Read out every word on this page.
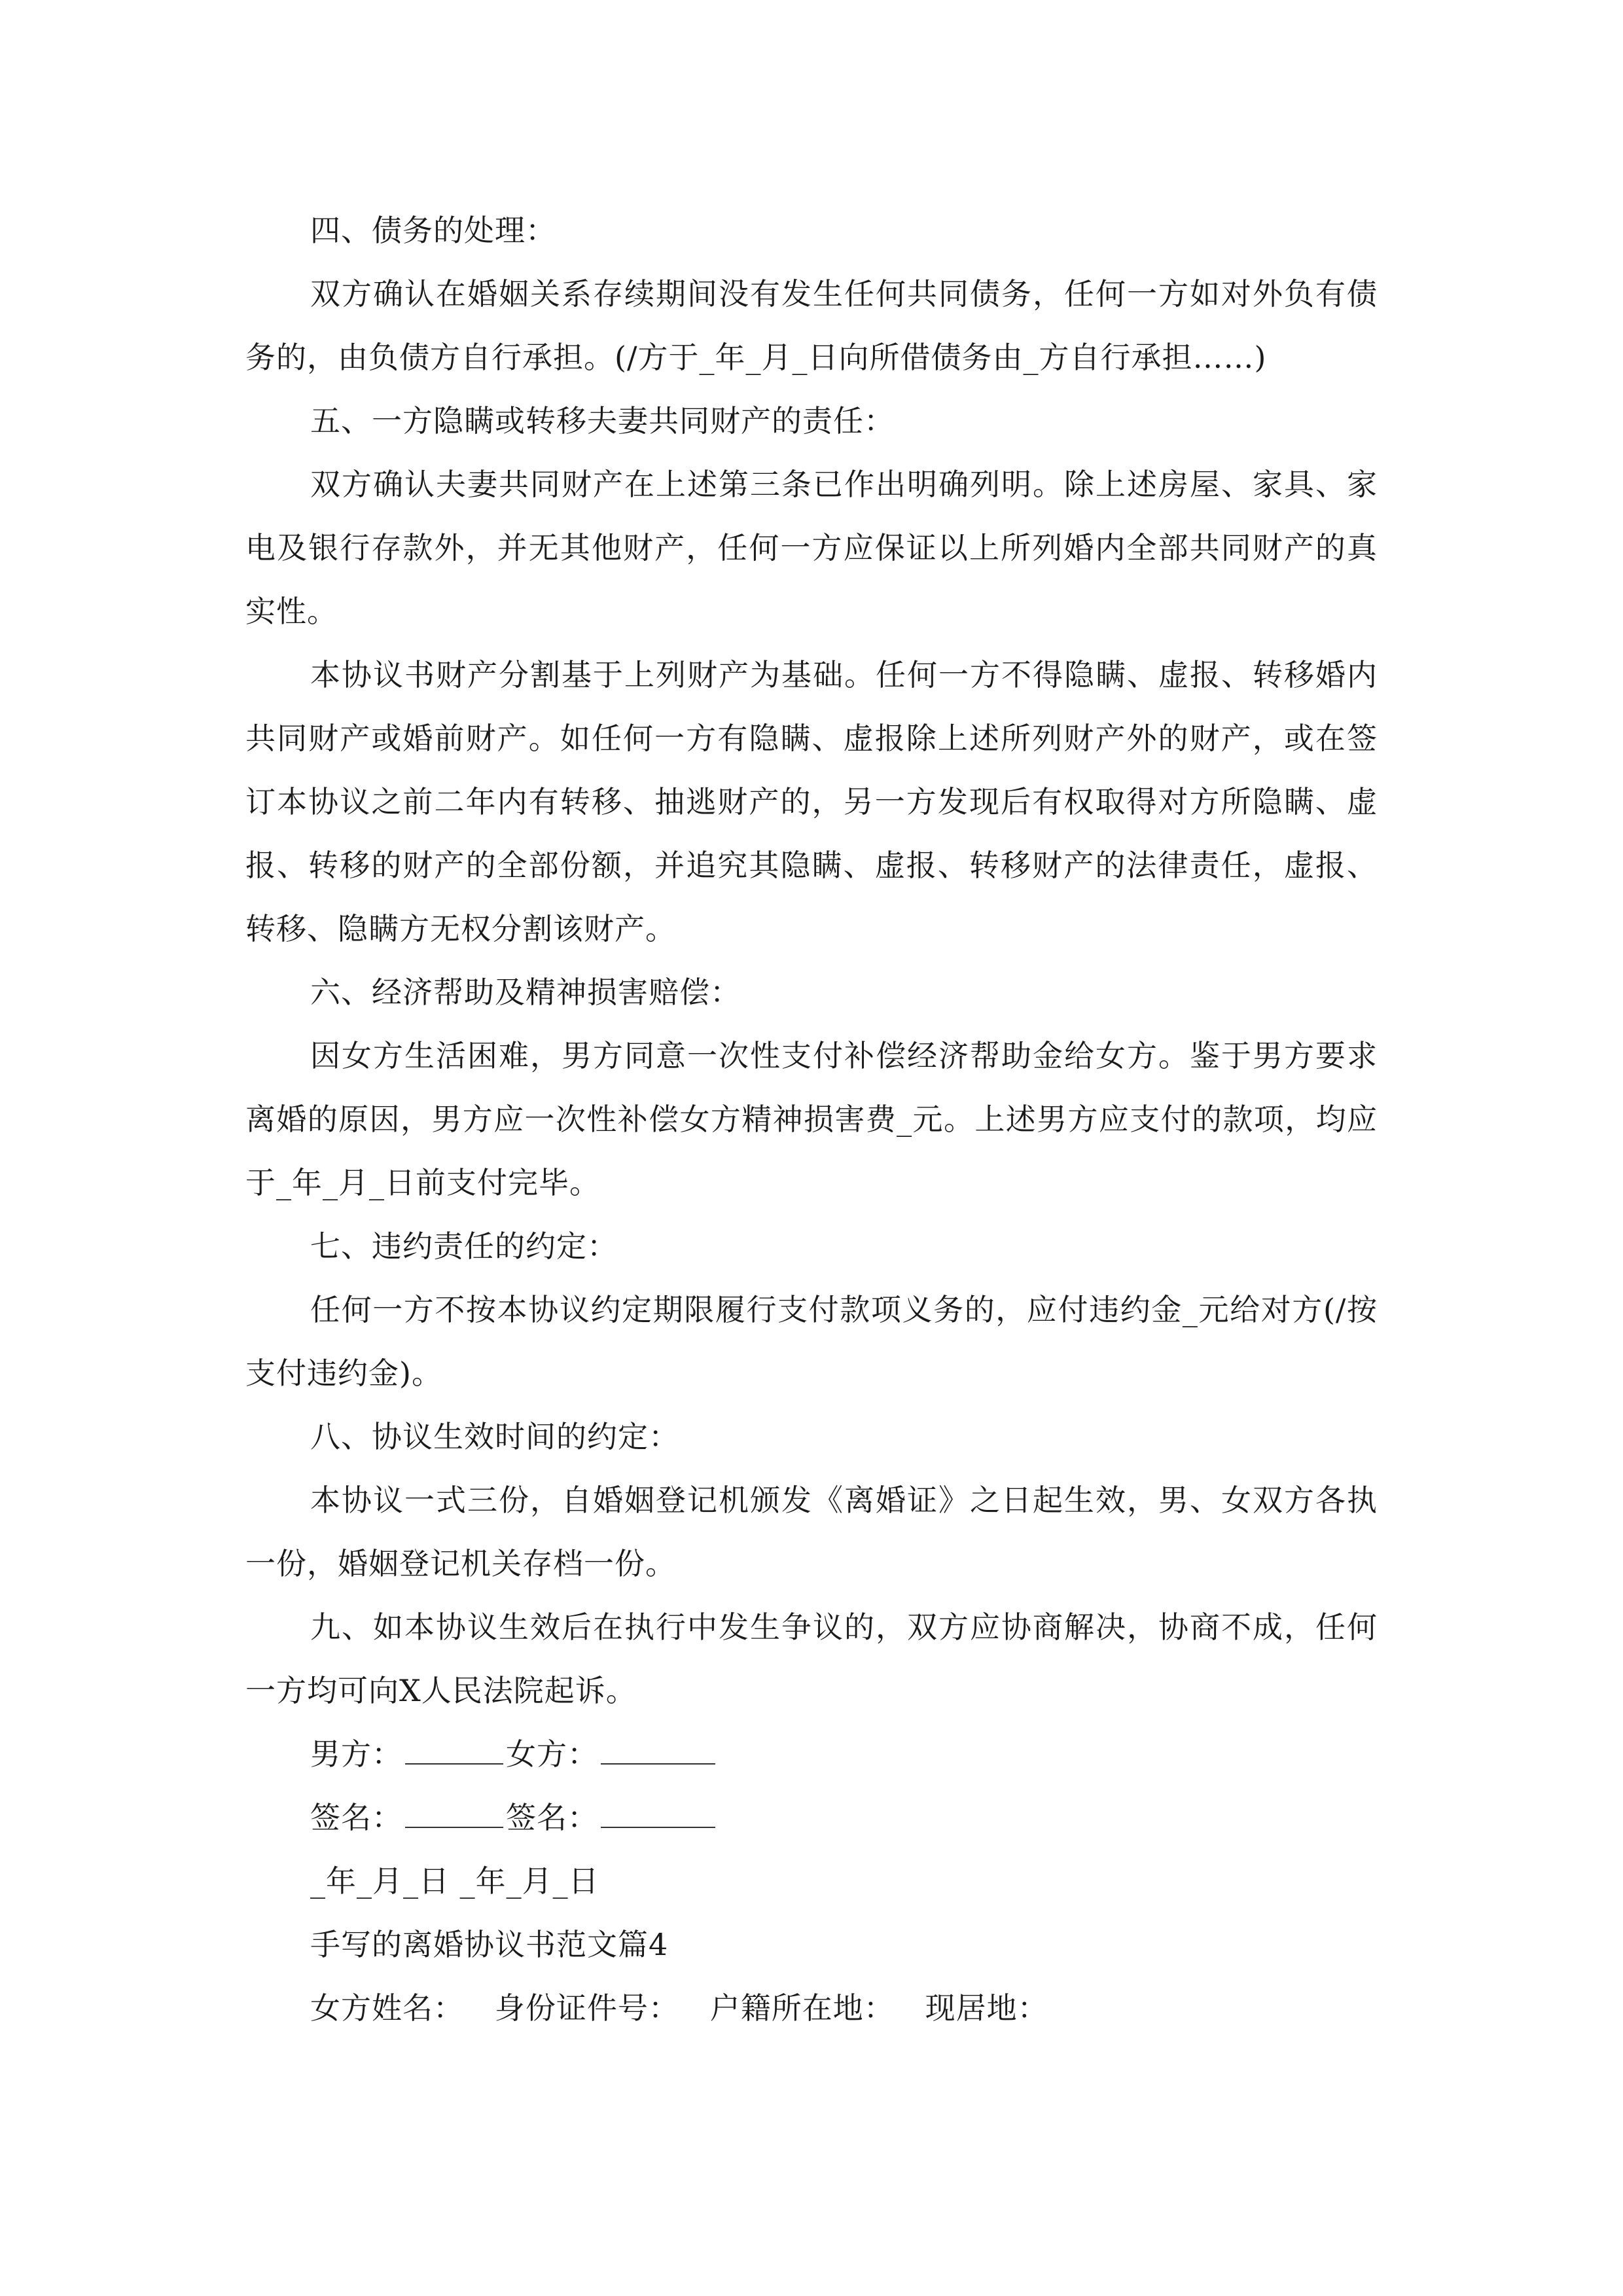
四、债务的处理：

双方确认在婚姻关系存续期间没有发生任何共同债务，任何一方如对外负有债务的，由负债方自行承担。(/方于_年_月_日向所借债务由_方自行承担……)

五、一方隐瞒或转移夫妻共同财产的责任：

双方确认夫妻共同财产在上述第三条已作出明确列明。除上述房屋、家具、家电及银行存款外，并无其他财产，任何一方应保证以上所列婚内全部共同财产的真实性。

本协议书财产分割基于上列财产为基础。任何一方不得隐瞒、虚报、转移婚内共同财产或婚前财产。如任何一方有隐瞒、虚报除上述所列财产外的财产，或在签订本协议之前二年内有转移、抽逃财产的，另一方发现后有权取得对方所隐瞒、虚报、转移的财产的全部份额，并追究其隐瞒、虚报、转移财产的法律责任，虚报、转移、隐瞒方无权分割该财产。

六、经济帮助及精神损害赔偿：

因女方生活困难，男方同意一次性支付补偿经济帮助金给女方。鉴于男方要求离婚的原因，男方应一次性补偿女方精神损害费_元。上述男方应支付的款项，均应于_年_月_日前支付完毕。

七、违约责任的约定：

任何一方不按本协议约定期限履行支付款项义务的，应付违约金_元给对方(/按支付违约金)。

八、协议生效时间的约定：

本协议一式三份，自婚姻登记机颁发《离婚证》之日起生效，男、女双方各执一份，婚姻登记机关存档一份。

九、如本协议生效后在执行中发生争议的，双方应协商解决，协商不成，任何一方均可向X人民法院起诉。

男方：	女方：

签名：	签名：

_年_月_日 _年_月_日

手写的离婚协议书范文篇4

女方姓名：   身份证件号：   户籍所在地：   现居地：
